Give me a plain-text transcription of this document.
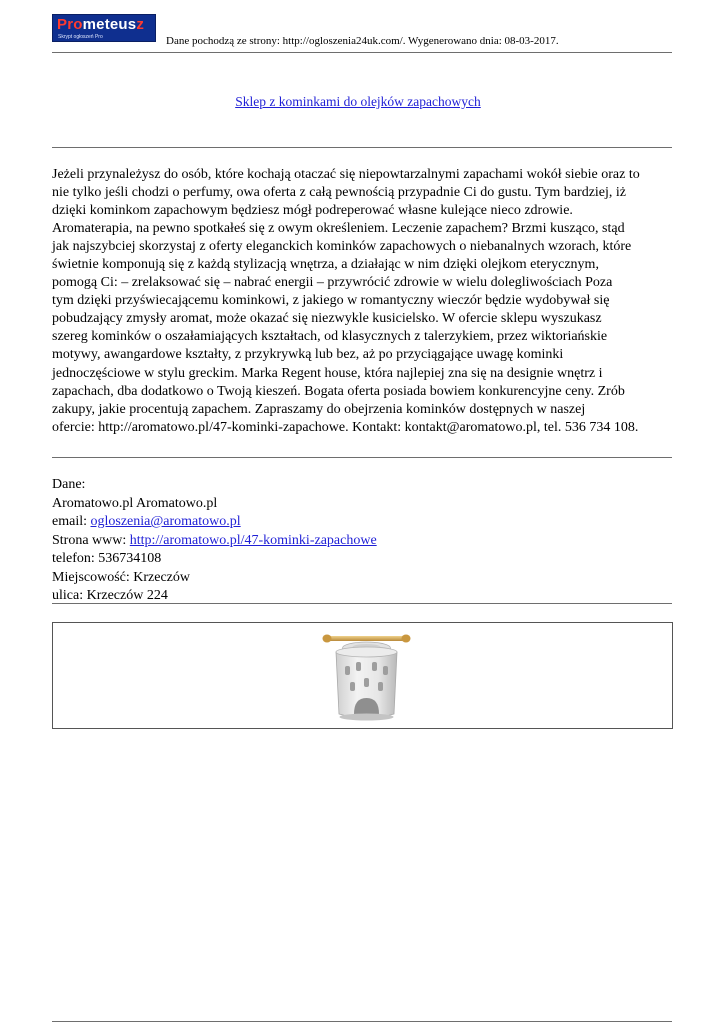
Prometeusz
Skrypt ogłoszeń Pro	Dane pochodzą ze strony: http://ogloszenia24uk.com/. Wygenerowano dnia: 08-03-2017.
Sklep z kominkami do olejków zapachowych
Jeżeli przynależysz do osób, które kochają otaczać się niepowtarzalnymi zapachami wokół siebie oraz to
nie tylko jeśli chodzi o perfumy, owa oferta z całą pewnością przypadnie Ci do gustu. Tym bardziej, iż
dzięki kominkom zapachowym będziesz mógł podreperować własne kulejące nieco zdrowie.
Aromaterapia, na pewno spotkałeś się z owym określeniem. Leczenie zapachem? Brzmi kusząco, stąd
jak najszybciej skorzystaj z oferty eleganckich kominków zapachowych o niebanalnych wzorach, które
świetnie komponują się z każdą stylizacją wnętrza, a działając w nim dzięki olejkom eterycznym,
pomogą Ci: – zrelaksować się – nabrać energii – przywrócić zdrowie w wielu dolegliwościach Poza
tym dzięki przyświecającemu kominkowi, z jakiego w romantyczny wieczór będzie wydobywał się
pobudzający zmysły aromat, może okazać się niezwykle kusicielsko. W ofercie sklepu wyszukasz
szereg kominków o oszałamiających kształtach, od klasycznych z talerzykiem, przez wiktoriańskie
motywy, awangardowe kształty, z przykrywką lub bez, aż po przyciągające uwagę kominki
jednoczęściowe w stylu greckim. Marka Regent house, która najlepiej zna się na designie wnętrz i
zapachach, dba dodatkowo o Twoją kieszeń. Bogata oferta posiada bowiem konkurencyjne ceny. Zrób
zakupy, jakie procentują zapachem. Zapraszamy do obejrzenia kominków dostępnych w naszej
ofercie: http://aromatowo.pl/47-kominki-zapachowe. Kontakt: kontakt@aromatowo.pl, tel. 536 734 108.
Dane:
Aromatowo.pl Aromatowo.pl
email: ogloszenia@aromatowo.pl
Strona www: http://aromatowo.pl/47-kominki-zapachowe
telefon: 536734108
Miejscowość: Krzeczów
ulica: Krzeczów 224
